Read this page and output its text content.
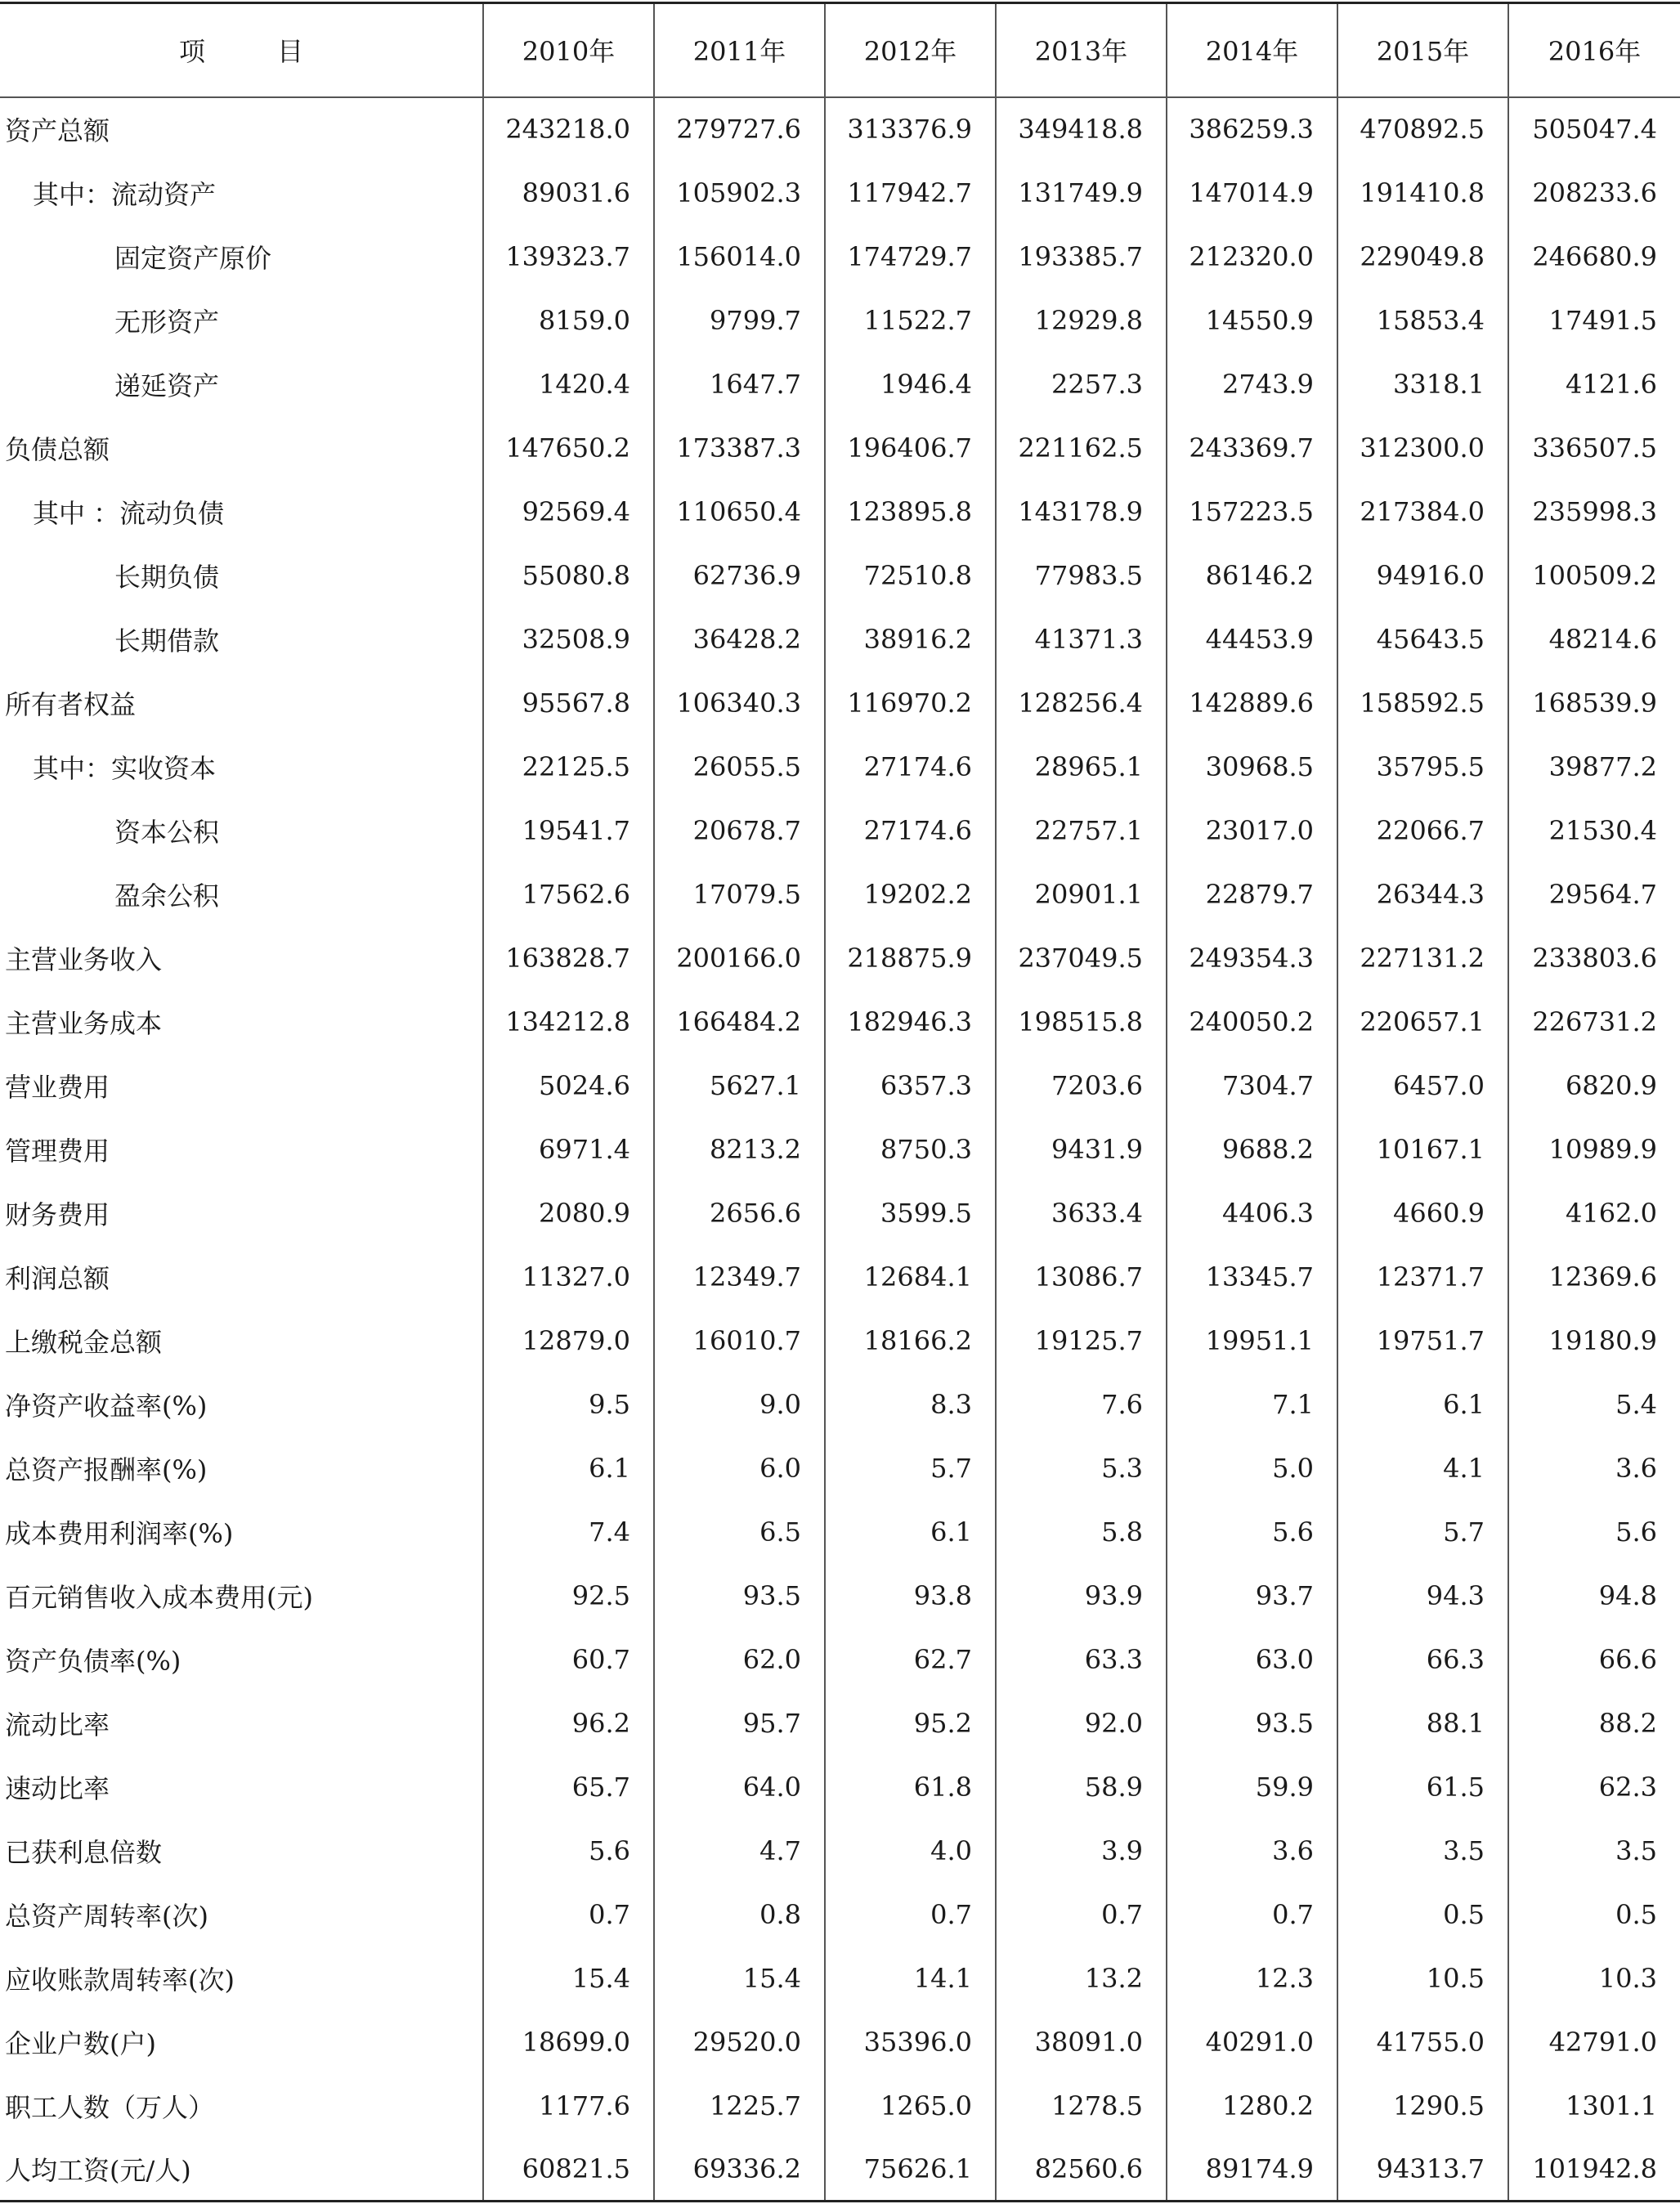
项　目	2010年	2011年	2012年	2013年	2014年	2015年	2016年
资产总额	243218.0	279727.6	313376.9	349418.8	386259.3	470892.5	505047.4
其中：流动资产	89031.6	105902.3	117942.7	131749.9	147014.9	191410.8	208233.6
固定资产原价	139323.7	156014.0	174729.7	193385.7	212320.0	229049.8	246680.9
无形资产	8159.0	9799.7	11522.7	12929.8	14550.9	15853.4	17491.5
递延资产	1420.4	1647.7	1946.4	2257.3	2743.9	3318.1	4121.6
负债总额	147650.2	173387.3	196406.7	221162.5	243369.7	312300.0	336507.5
其中 ：流动负债	92569.4	110650.4	123895.8	143178.9	157223.5	217384.0	235998.3
长期负债	55080.8	62736.9	72510.8	77983.5	86146.2	94916.0	100509.2
长期借款	32508.9	36428.2	38916.2	41371.3	44453.9	45643.5	48214.6
所有者权益	95567.8	106340.3	116970.2	128256.4	142889.6	158592.5	168539.9
其中：实收资本	22125.5	26055.5	27174.6	28965.1	30968.5	35795.5	39877.2
资本公积	19541.7	20678.7	27174.6	22757.1	23017.0	22066.7	21530.4
盈余公积	17562.6	17079.5	19202.2	20901.1	22879.7	26344.3	29564.7
主营业务收入	163828.7	200166.0	218875.9	237049.5	249354.3	227131.2	233803.6
主营业务成本	134212.8	166484.2	182946.3	198515.8	240050.2	220657.1	226731.2
营业费用	5024.6	5627.1	6357.3	7203.6	7304.7	6457.0	6820.9
管理费用	6971.4	8213.2	8750.3	9431.9	9688.2	10167.1	10989.9
财务费用	2080.9	2656.6	3599.5	3633.4	4406.3	4660.9	4162.0
利润总额	11327.0	12349.7	12684.1	13086.7	13345.7	12371.7	12369.6
上缴税金总额	12879.0	16010.7	18166.2	19125.7	19951.1	19751.7	19180.9
净资产收益率(%)	9.5	9.0	8.3	7.6	7.1	6.1	5.4
总资产报酬率(%)	6.1	6.0	5.7	5.3	5.0	4.1	3.6
成本费用利润率(%)	7.4	6.5	6.1	5.8	5.6	5.7	5.6
百元销售收入成本费用(元)	92.5	93.5	93.8	93.9	93.7	94.3	94.8
资产负债率(%)	60.7	62.0	62.7	63.3	63.0	66.3	66.6
流动比率	96.2	95.7	95.2	92.0	93.5	88.1	88.2
速动比率	65.7	64.0	61.8	58.9	59.9	61.5	62.3
已获利息倍数	5.6	4.7	4.0	3.9	3.6	3.5	3.5
总资产周转率(次)	0.7	0.8	0.7	0.7	0.7	0.5	0.5
应收账款周转率(次)	15.4	15.4	14.1	13.2	12.3	10.5	10.3
企业户数(户)	18699.0	29520.0	35396.0	38091.0	40291.0	41755.0	42791.0
职工人数（万人）	1177.6	1225.7	1265.0	1278.5	1280.2	1290.5	1301.1
人均工资(元/人)	60821.5	69336.2	75626.1	82560.6	89174.9	94313.7	101942.8
